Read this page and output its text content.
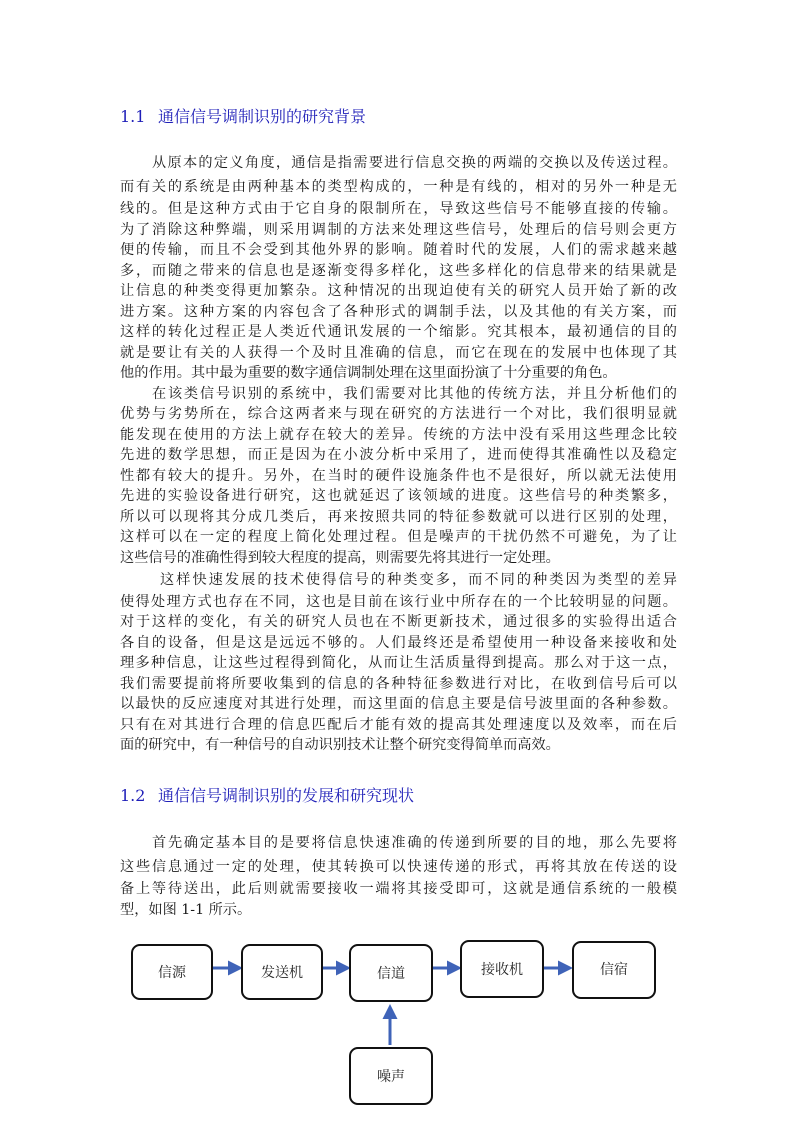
1.1 通信信号调制识别的研究背景
从原本的定义角度，通信是指需要进行信息交换的两端的交换以及传送过程。
而有关的系统是由两种基本的类型构成的，一种是有线的，相对的另外一种是无
线的。但是这种方式由于它自身的限制所在，导致这些信号不能够直接的传输。
为了消除这种弊端，则采用调制的方法来处理这些信号，处理后的信号则会更方
便的传输，而且不会受到其他外界的影响。随着时代的发展，人们的需求越来越
多，而随之带来的信息也是逐渐变得多样化，这些多样化的信息带来的结果就是
让信息的种类变得更加繁杂。这种情况的出现迫使有关的研究人员开始了新的改
进方案。这种方案的内容包含了各种形式的调制手法，以及其他的有关方案，而
这样的转化过程正是人类近代通讯发展的一个缩影。究其根本，最初通信的目的
就是要让有关的人获得一个及时且准确的信息，而它在现在的发展中也体现了其
他的作用。其中最为重要的数字通信调制处理在这里面扮演了十分重要的角色。
在该类信号识别的系统中，我们需要对比其他的传统方法，并且分析他们的
优势与劣势所在，综合这两者来与现在研究的方法进行一个对比，我们很明显就
能发现在使用的方法上就存在较大的差异。传统的方法中没有采用这些理念比较
先进的数学思想，而正是因为在小波分析中采用了，进而使得其准确性以及稳定
性都有较大的提升。另外，在当时的硬件设施条件也不是很好，所以就无法使用
先进的实验设备进行研究，这也就延迟了该领域的进度。这些信号的种类繁多，
所以可以现将其分成几类后，再来按照共同的特征参数就可以进行区别的处理，
这样可以在一定的程度上简化处理过程。但是噪声的干扰仍然不可避免，为了让
这些信号的准确性得到较大程度的提高，则需要先将其进行一定处理。
这样快速发展的技术使得信号的种类变多，而不同的种类因为类型的差异
使得处理方式也存在不同，这也是目前在该行业中所存在的一个比较明显的问题。
对于这样的变化，有关的研究人员也在不断更新技术，通过很多的实验得出适合
各自的设备，但是这是远远不够的。人们最终还是希望使用一种设备来接收和处
理多种信息，让这些过程得到简化，从而让生活质量得到提高。那么对于这一点，
我们需要提前将所要收集到的信息的各种特征参数进行对比，在收到信号后可以
以最快的反应速度对其进行处理，而这里面的信息主要是信号波里面的各种参数。
只有在对其进行合理的信息匹配后才能有效的提高其处理速度以及效率，而在后
面的研究中，有一种信号的自动识别技术让整个研究变得简单而高效。
1.2 通信信号调制识别的发展和研究现状
首先确定基本目的是要将信息快速准确的传递到所要的目的地，那么先要将
这些信息通过一定的处理，使其转换可以快速传递的形式，再将其放在传送的设
备上等待送出，此后则就需要接收一端将其接受即可，这就是通信系统的一般模
型，如图 1-1 所示。
信源	发送机	信道	接收机	信宿
噪声
